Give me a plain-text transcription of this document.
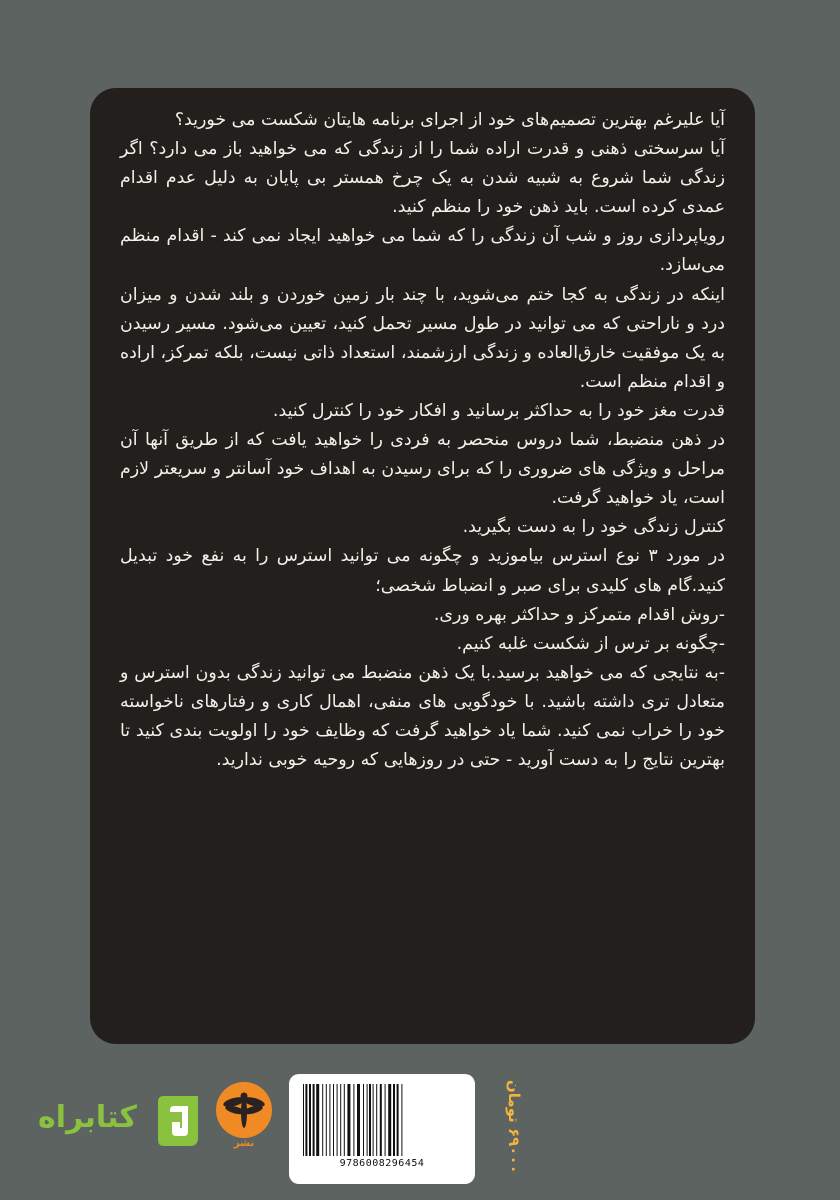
آیا علیرغم بهترین تصمیم‌های خود از اجرای برنامه هایتان شکست می خورید؟

آیا سرسختی ذهنی و قدرت اراده شما را از زندگی که می خواهید باز می دارد؟ اگر زندگی شما شروع به شبیه شدن به یک چرخ همستر بی پایان به دلیل عدم اقدام عمدی کرده است. باید ذهن خود را منظم کنید.

رویاپردازی روز و شب آن زندگی را که شما می خواهید ایجاد نمی کند - اقدام منظم می‌سازد.

اینکه در زندگی به کجا ختم می‌شوید، با چند بار زمین خوردن و بلند شدن و میزان درد و ناراحتی که می توانید در طول مسیر تحمل کنید، تعیین می‌شود. مسیر رسیدن به یک موفقیت خارق‌العاده و زندگی ارزشمند، استعداد ذاتی نیست، بلکه تمرکز، اراده و اقدام منظم است.

قدرت مغز خود را به حداکثر برسانید و افکار خود را کنترل کنید.

در ذهن منضبط، شما دروس منحصر به فردی را خواهید یافت که از طریق آنها آن مراحل و ویژگی های ضروری را که برای رسیدن به اهداف خود آسانتر و سریعتر لازم است، یاد خواهید گرفت.

کنترل زندگی خود را به دست بگیرید.

در مورد ۳ نوع استرس بیاموزید و چگونه می توانید استرس را به نفع خود تبدیل کنید.گام های کلیدی برای صبر و انضباط شخصی؛

-روش اقدام متمرکز و حداکثر بهره وری.

-چگونه بر ترس از شکست غلبه کنیم.

-به نتایجی که می خواهید برسید.با یک ذهن منضبط می توانید زندگی بدون استرس و متعادل تری داشته باشید. با خودگویی های منفی، اهمال کاری و رفتارهای ناخواسته خود را خراب نمی کنید. شما یاد خواهید گرفت که وظایف خود را اولویت بندی کنید تا بهترین نتایج را به دست آورید - حتی در روزهایی که روحیه خوبی ندارید.

9786008296454
۶۹۰۰۰ تومان
نشر
کتابراه
